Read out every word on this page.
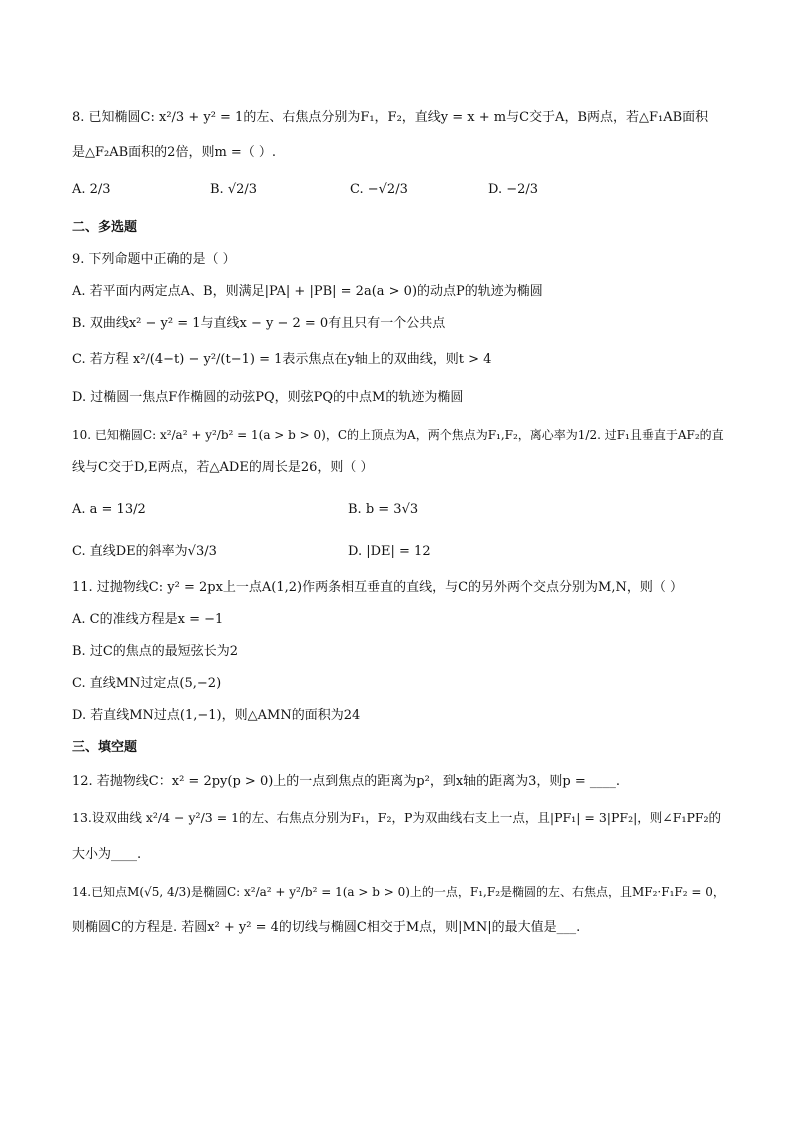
8. 已知椭圆C: x²/3 + y² = 1的左、右焦点分别为F₁，F₂，直线y = x + m与C交于A，B两点，若△F₁AB面积
是△F₂AB面积的2倍，则m =（ ）.
A. 2/3	B. √2/3	C. −√2/3	D. −2/3
二、多选题
9. 下列命题中正确的是（ ）
A. 若平面内两定点A、B，则满足|PA| + |PB| = 2a(a > 0)的动点P的轨迹为椭圆
B. 双曲线x² − y² = 1与直线x − y − 2 = 0有且只有一个公共点
C. 若方程 x²/(4−t) − y²/(t−1) = 1表示焦点在y轴上的双曲线，则t > 4
D. 过椭圆一焦点F作椭圆的动弦PQ，则弦PQ的中点M的轨迹为椭圆
10. 已知椭圆C: x²/a² + y²/b² = 1(a > b > 0)，C的上顶点为A，两个焦点为F₁,F₂，离心率为1/2. 过F₁且垂直于AF₂的直
线与C交于D,E两点，若△ADE的周长是26，则（ ）
A. a = 13/2	B. b = 3√3
C. 直线DE的斜率为√3/3	D. |DE| = 12
11. 过抛物线C: y² = 2px上一点A(1,2)作两条相互垂直的直线，与C的另外两个交点分别为M,N，则（ ）
A. C的准线方程是x = −1
B. 过C的焦点的最短弦长为2
C. 直线MN过定点(5,−2)
D. 若直线MN过点(1,−1)，则△AMN的面积为24
三、填空题
12. 若抛物线C：x² = 2py(p > 0)上的一点到焦点的距离为p²，到x轴的距离为3，则p = ____.
13.设双曲线 x²/4 − y²/3 = 1的左、右焦点分别为F₁，F₂，P为双曲线右支上一点，且|PF₁| = 3|PF₂|，则∠F₁PF₂的
大小为____.
14.已知点M(√5, 4/3)是椭圆C: x²/a² + y²/b² = 1(a > b > 0)上的一点，F₁,F₂是椭圆的左、右焦点，且MF₂·F₁F₂ = 0，
则椭圆C的方程是. 若圆x² + y² = 4的切线与椭圆C相交于M点，则|MN|的最大值是___.
